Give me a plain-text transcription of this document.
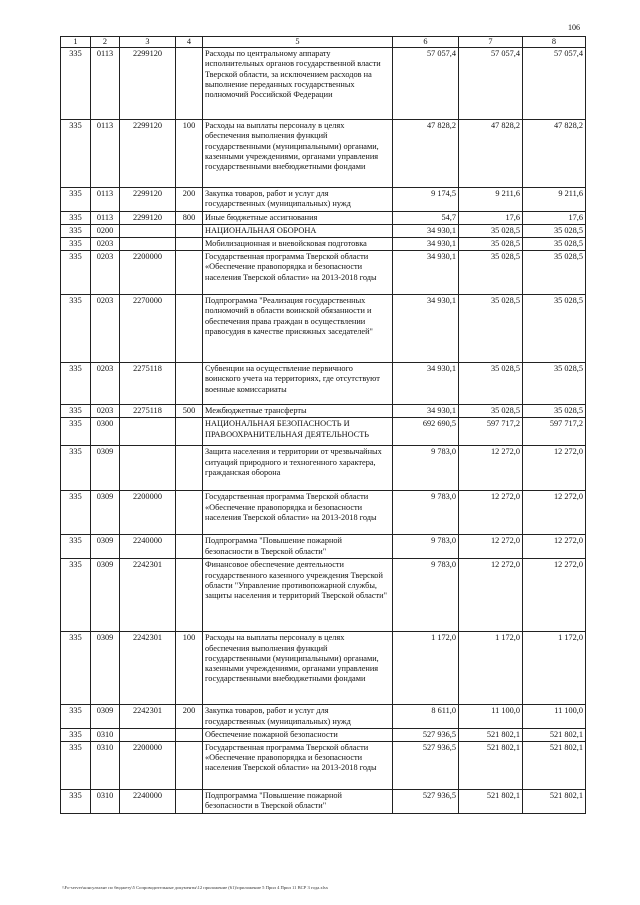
106
1	2	3	4	5	6	7	8
335	0113	2299120		Расходы по центральному аппарату исполнительных органов государственной власти Тверской области, за исключением расходов на выполнение переданных государственных полномочий Российской Федерации	57 057,4	57 057,4	57 057,4
335	0113	2299120	100	Расходы на выплаты персоналу в целях обеспечения выполнения функций государственными (муниципальными) органами, казенными учреждениями, органами управления государственными внебюджетными фондами	47 828,2	47 828,2	47 828,2
335	0113	2299120	200	Закупка товаров, работ и услуг для государственных (муниципальных) нужд	9 174,5	9 211,6	9 211,6
335	0113	2299120	800	Иные бюджетные ассигнования	54,7	17,6	17,6
335	0200			НАЦИОНАЛЬНАЯ ОБОРОНА	34 930,1	35 028,5	35 028,5
335	0203			Мобилизационная и вневойсковая подготовка	34 930,1	35 028,5	35 028,5
335	0203	2200000		Государственная программа Тверской области «Обеспечение правопорядка и безопасности населения Тверской области» на 2013-2018 годы	34 930,1	35 028,5	35 028,5
335	0203	2270000		Подпрограмма "Реализация государственных полномочий в области воинской обязанности и обеспечения права граждан в осуществлении правосудия в качестве присяжных заседателей"	34 930,1	35 028,5	35 028,5
335	0203	2275118		Субвенции на осуществление первичного воинского учета на территориях, где отсутствуют военные комиссариаты	34 930,1	35 028,5	35 028,5
335	0203	2275118	500	Межбюджетные трансферты	34 930,1	35 028,5	35 028,5
335	0300			НАЦИОНАЛЬНАЯ БЕЗОПАСНОСТЬ И ПРАВООХРАНИТЕЛЬНАЯ ДЕЯТЕЛЬНОСТЬ	692 690,5	597 717,2	597 717,2
335	0309			Защита населения и территории от чрезвычайных ситуаций природного и техногенного характера, гражданская оборона	9 783,0	12 272,0	12 272,0
335	0309	2200000		Государственная программа Тверской области «Обеспечение правопорядка и безопасности населения Тверской области» на 2013-2018 годы	9 783,0	12 272,0	12 272,0
335	0309	2240000		Подпрограмма "Повышение пожарной безопасности в Тверской области"	9 783,0	12 272,0	12 272,0
335	0309	2242301		Финансовое обеспечение деятельности государственного казенного учреждения Тверской области "Управление противопожарной службы, защиты населения и территорий Тверской области"	9 783,0	12 272,0	12 272,0
335	0309	2242301	100	Расходы на выплаты персоналу в целях обеспечения выполнения функций государственными (муниципальными) органами, казенными учреждениями, органами управления государственными внебюджетными фондами	1 172,0	1 172,0	1 172,0
335	0309	2242301	200	Закупка товаров, работ и услуг для государственных (муниципальных) нужд	8 611,0	11 100,0	11 100,0
335	0310			Обеспечение пожарной безопасности	527 936,5	521 802,1	521 802,1
335	0310	2200000		Государственная программа Тверской области «Обеспечение правопорядка и безопасности населения Тверской области» на 2013-2018 годы	527 936,5	521 802,1	521 802,1
335	0310	2240000		Подпрограмма "Повышение пожарной безопасности в Тверской области"	527 936,5	521 802,1	521 802,1
\\Fo-server\консультант по бюджету\5 Сопроводительные документы\12 приложение (61)\приложение 5 Прил 4 Прил 11 ВСР 3 года.xlsx
